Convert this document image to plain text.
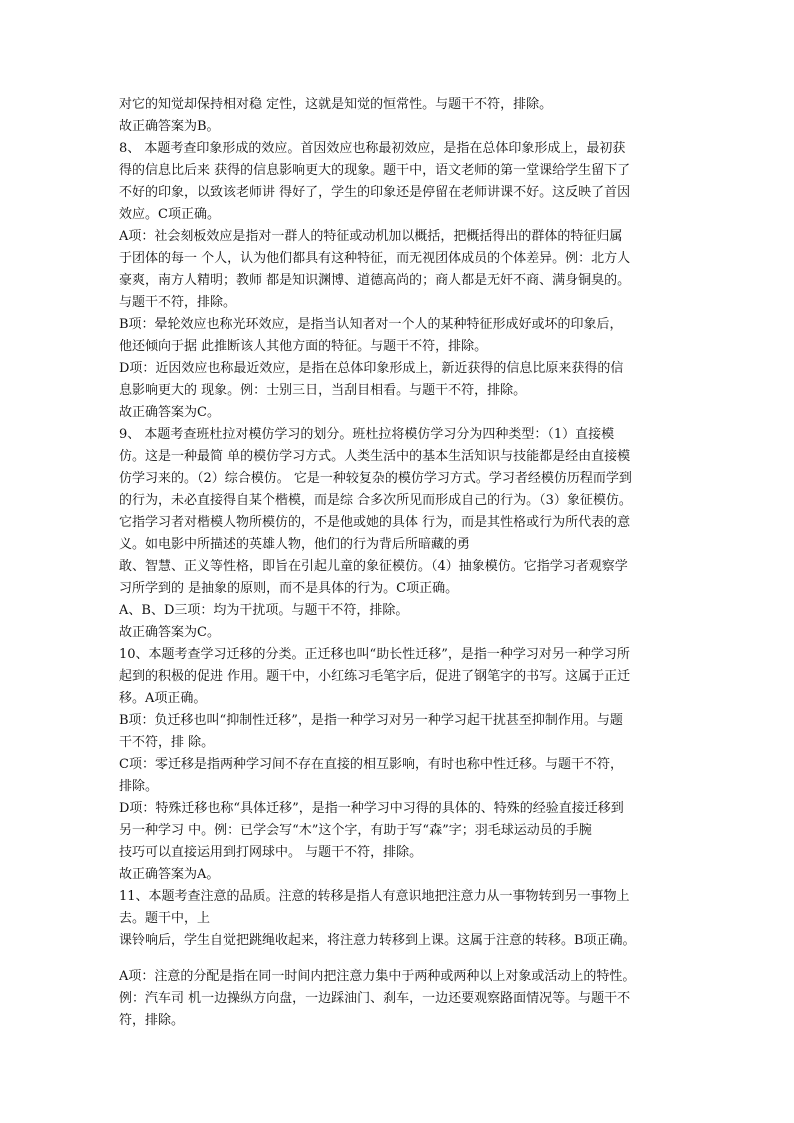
对它的知觉却保持相对稳 定性，这就是知觉的恒常性。与题干不符，排除。

故正确答案为B。

8、 本题考查印象形成的效应。首因效应也称最初效应，是指在总体印象形成上，最初获

得的信息比后来 获得的信息影响更大的现象。题干中，语文老师的第一堂课给学生留下了

不好的印象，以致该老师讲 得好了，学生的印象还是停留在老师讲课不好。这反映了首因

效应。C项正确。

A项：社会刻板效应是指对一群人的特征或动机加以概括，把概括得出的群体的特征归属

于团体的每一 个人，认为他们都具有这种特征，而无视团体成员的个体差异。例：北方人

豪爽，南方人精明；教师 都是知识渊博、道德高尚的；商人都是无奸不商、满身铜臭的。

与题干不符，排除。

B项：晕轮效应也称光环效应，是指当认知者对一个人的某种特征形成好或坏的印象后，

他还倾向于据 此推断该人其他方面的特征。与题干不符，排除。

D项：近因效应也称最近效应，是指在总体印象形成上，新近获得的信息比原来获得的信

息影响更大的 现象。例：士别三日，当刮目相看。与题干不符，排除。

故正确答案为C。

9、 本题考查班杜拉对模仿学习的划分。班杜拉将模仿学习分为四种类型：（1）直接模

仿。这是一种最简 单的模仿学习方式。人类生活中的基本生活知识与技能都是经由直接模

仿学习来的。（2）综合模仿。 它是一种较复杂的模仿学习方式。学习者经模仿历程而学到

的行为，未必直接得自某个楷模，而是综 合多次所见而形成自己的行为。（3）象征模仿。

它指学习者对楷模人物所模仿的，不是他或她的具体 行为，而是其性格或行为所代表的意

义。如电影中所描述的英雄人物，他们的行为背后所暗藏的勇

敢、智慧、正义等性格，即旨在引起儿童的象征模仿。（4）抽象模仿。它指学习者观察学

习所学到的 是抽象的原则，而不是具体的行为。C项正确。

A、B、D三项：均为干扰项。与题干不符，排除。

故正确答案为C。

10、本题考查学习迁移的分类。正迁移也叫“助长性迁移”，是指一种学习对另一种学习所

起到的积极的促进 作用。题干中，小红练习毛笔字后，促进了钢笔字的书写。这属于正迁

移。A项正确。

B项：负迁移也叫“抑制性迁移”，是指一种学习对另一种学习起干扰甚至抑制作用。与题

干不符，排 除。

C项：零迁移是指两种学习间不存在直接的相互影响，有时也称中性迁移。与题干不符，

排除。

D项：特殊迁移也称“具体迁移”，是指一种学习中习得的具体的、特殊的经验直接迁移到

另一种学习 中。例：已学会写“木”这个字，有助于写“森”字；羽毛球运动员的手腕

技巧可以直接运用到打网球中。 与题干不符，排除。

故正确答案为A。

11、本题考查注意的品质。注意的转移是指人有意识地把注意力从一事物转到另一事物上

去。题干中，上

课铃响后，学生自觉把跳绳收起来，将注意力转移到上课。这属于注意的转移。B项正确。

A项：注意的分配是指在同一时间内把注意力集中于两种或两种以上对象或活动上的特性。

例：汽车司 机一边操纵方向盘，一边踩油门、刹车，一边还要观察路面情况等。与题干不

符，排除。
